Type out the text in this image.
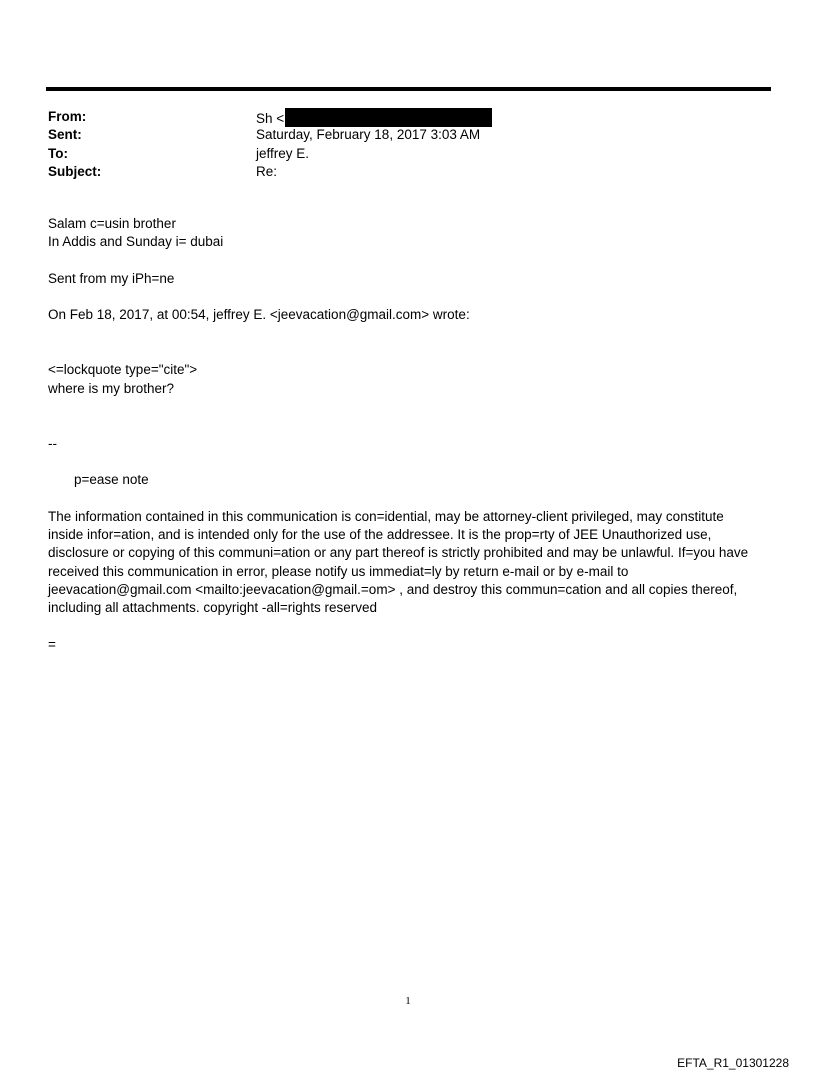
From:	Sh <
Sent:	Saturday, February 18, 2017 3:03 AM
To:	jeffrey E.
Subject:	Re:

Salam c=usin brother

In Addis and Sunday i= dubai

Sent from my iPh=ne

On Feb 18, 2017, at 00:54, jeffrey E. <jeevacation@gmail.com> wrote:

<=lockquote type="cite">

where is my brother?

--

p=ease note

The information contained in this communication is con=idential, may be attorney-client privileged, may constitute

inside infor=ation, and is intended only for the use of the addressee. It is the prop=rty of JEE Unauthorized use,

disclosure or copying of this communi=ation or any part thereof is strictly prohibited and may be unlawful. If=you have

received this communication in error, please notify us immediat=ly by return e-mail or by e-mail to

jeevacation@gmail.com <mailto:jeevacation@gmail.=om> , and destroy this commun=cation and all copies thereof,

including all attachments. copyright -all=rights reserved

=

1
EFTA_R1_01301228
